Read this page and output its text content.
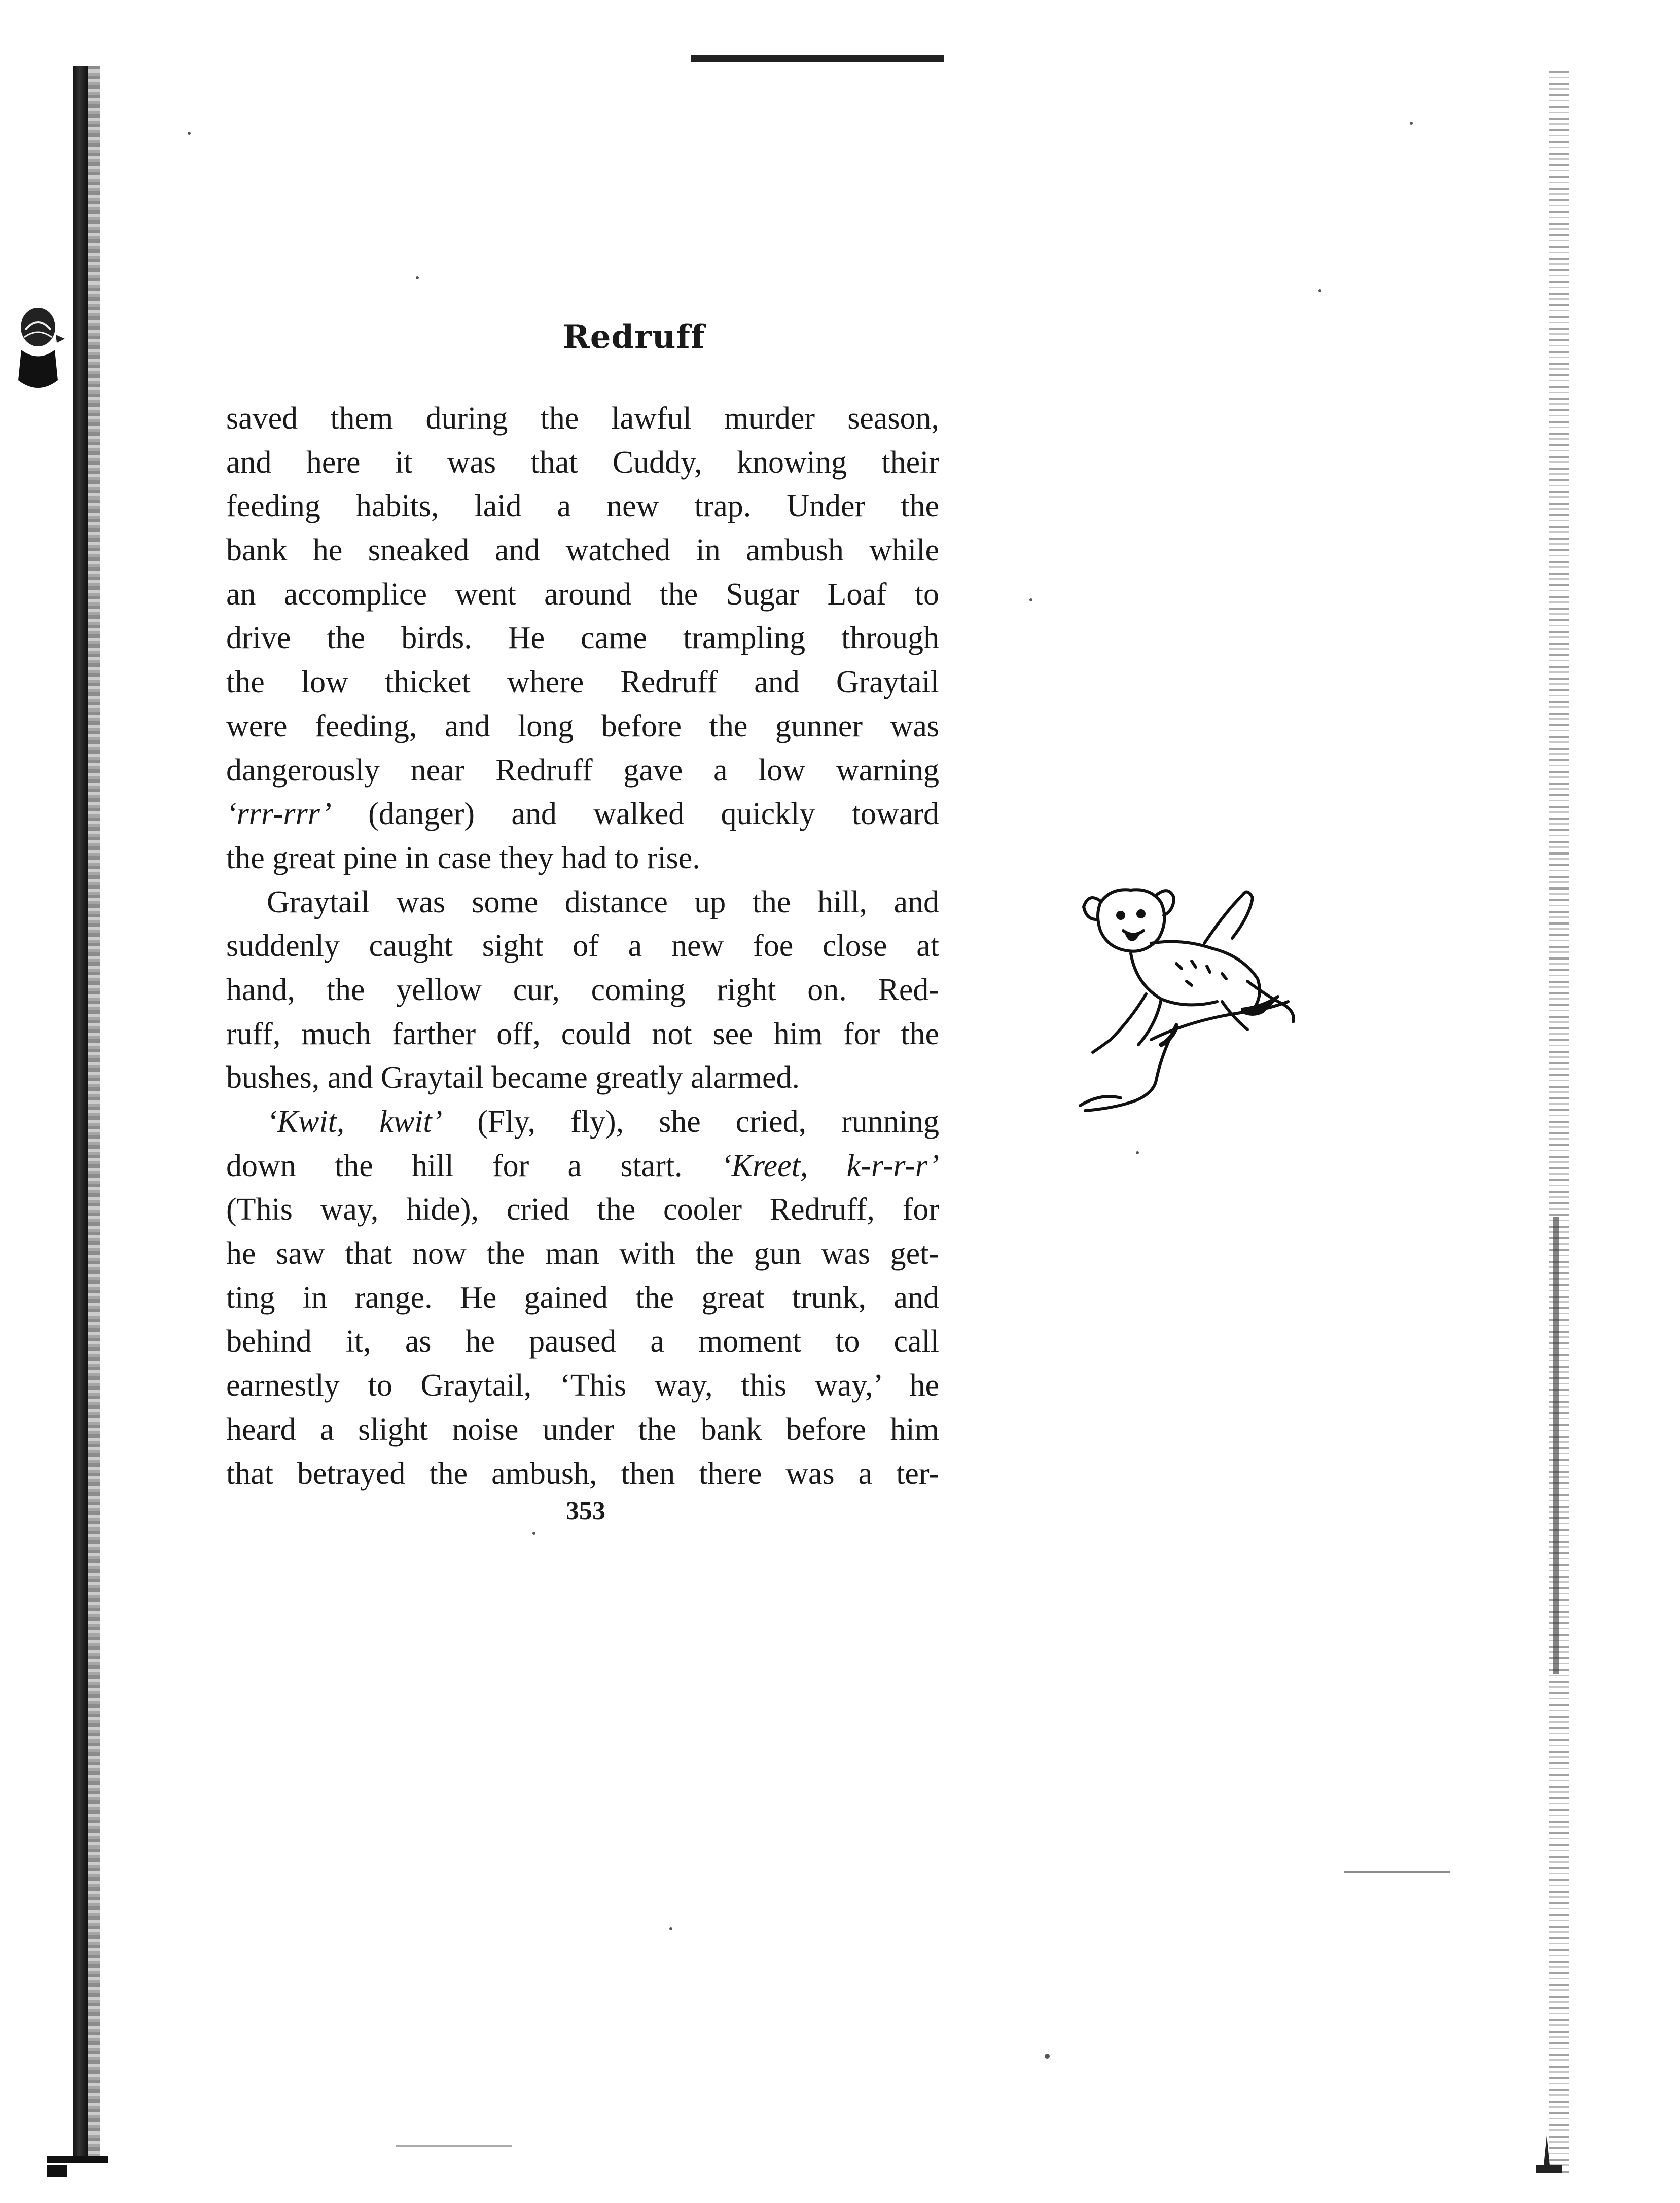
Redruff
saved them during the lawful murder season,
and here it was that Cuddy, knowing their
feeding habits, laid a new trap. Under the
bank he sneaked and watched in ambush while
an accomplice went around the Sugar Loaf to
drive the birds. He came trampling through
the low thicket where Redruff and Graytail
were feeding, and long before the gunner was
dangerously near Redruff gave a low warning
‘rrr-rrr’ (danger) and walked quickly toward
the great pine in case they had to rise.
Graytail was some distance up the hill, and
suddenly caught sight of a new foe close at
hand, the yellow cur, coming right on. Red-
ruff, much farther off, could not see him for the
bushes, and Graytail became greatly alarmed.
‘Kwit, kwit’ (Fly, fly), she cried, running
down the hill for a start. ‘Kreet, k-r-r-r’
(This way, hide), cried the cooler Redruff, for
he saw that now the man with the gun was get-
ting in range. He gained the great trunk, and
behind it, as he paused a moment to call
earnestly to Graytail, ‘This way, this way,’ he
heard a slight noise under the bank before him
that betrayed the ambush, then there was a ter-
353
